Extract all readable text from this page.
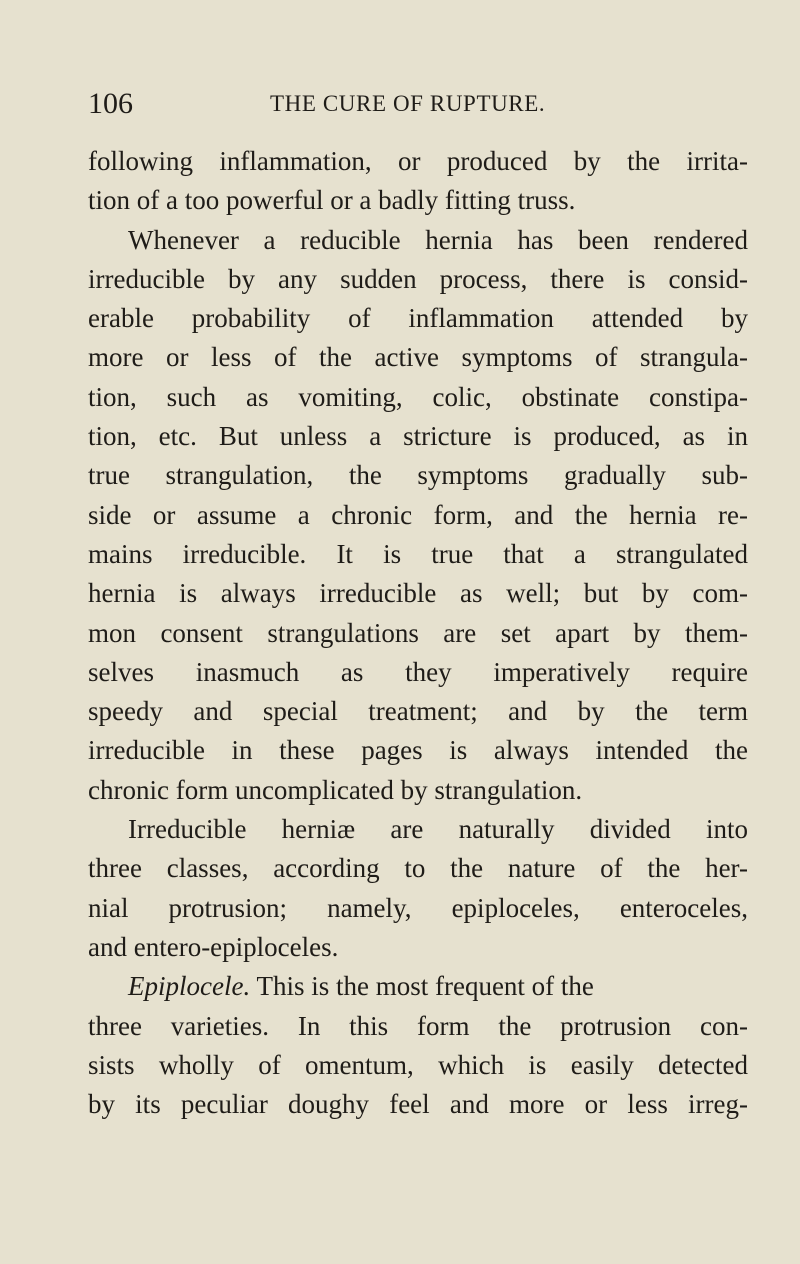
106	THE CURE OF RUPTURE.
following inflammation, or produced by the irrita-
tion of a too powerful or a badly fitting truss.
Whenever a reducible hernia has been rendered
irreducible by any sudden process, there is consid-
erable probability of inflammation attended by
more or less of the active symptoms of strangula-
tion, such as vomiting, colic, obstinate constipa-
tion, etc. But unless a stricture is produced, as in
true strangulation, the symptoms gradually sub-
side or assume a chronic form, and the hernia re-
mains irreducible. It is true that a strangulated
hernia is always irreducible as well; but by com-
mon consent strangulations are set apart by them-
selves inasmuch as they imperatively require
speedy and special treatment; and by the term
irreducible in these pages is always intended the
chronic form uncomplicated by strangulation.
Irreducible herniæ are naturally divided into
three classes, according to the nature of the her-
nial protrusion; namely, epiploceles, enteroceles,
and entero-epiploceles.
Epiplocele. This is the most frequent of the
three varieties. In this form the protrusion con-
sists wholly of omentum, which is easily detected
by its peculiar doughy feel and more or less irreg-
